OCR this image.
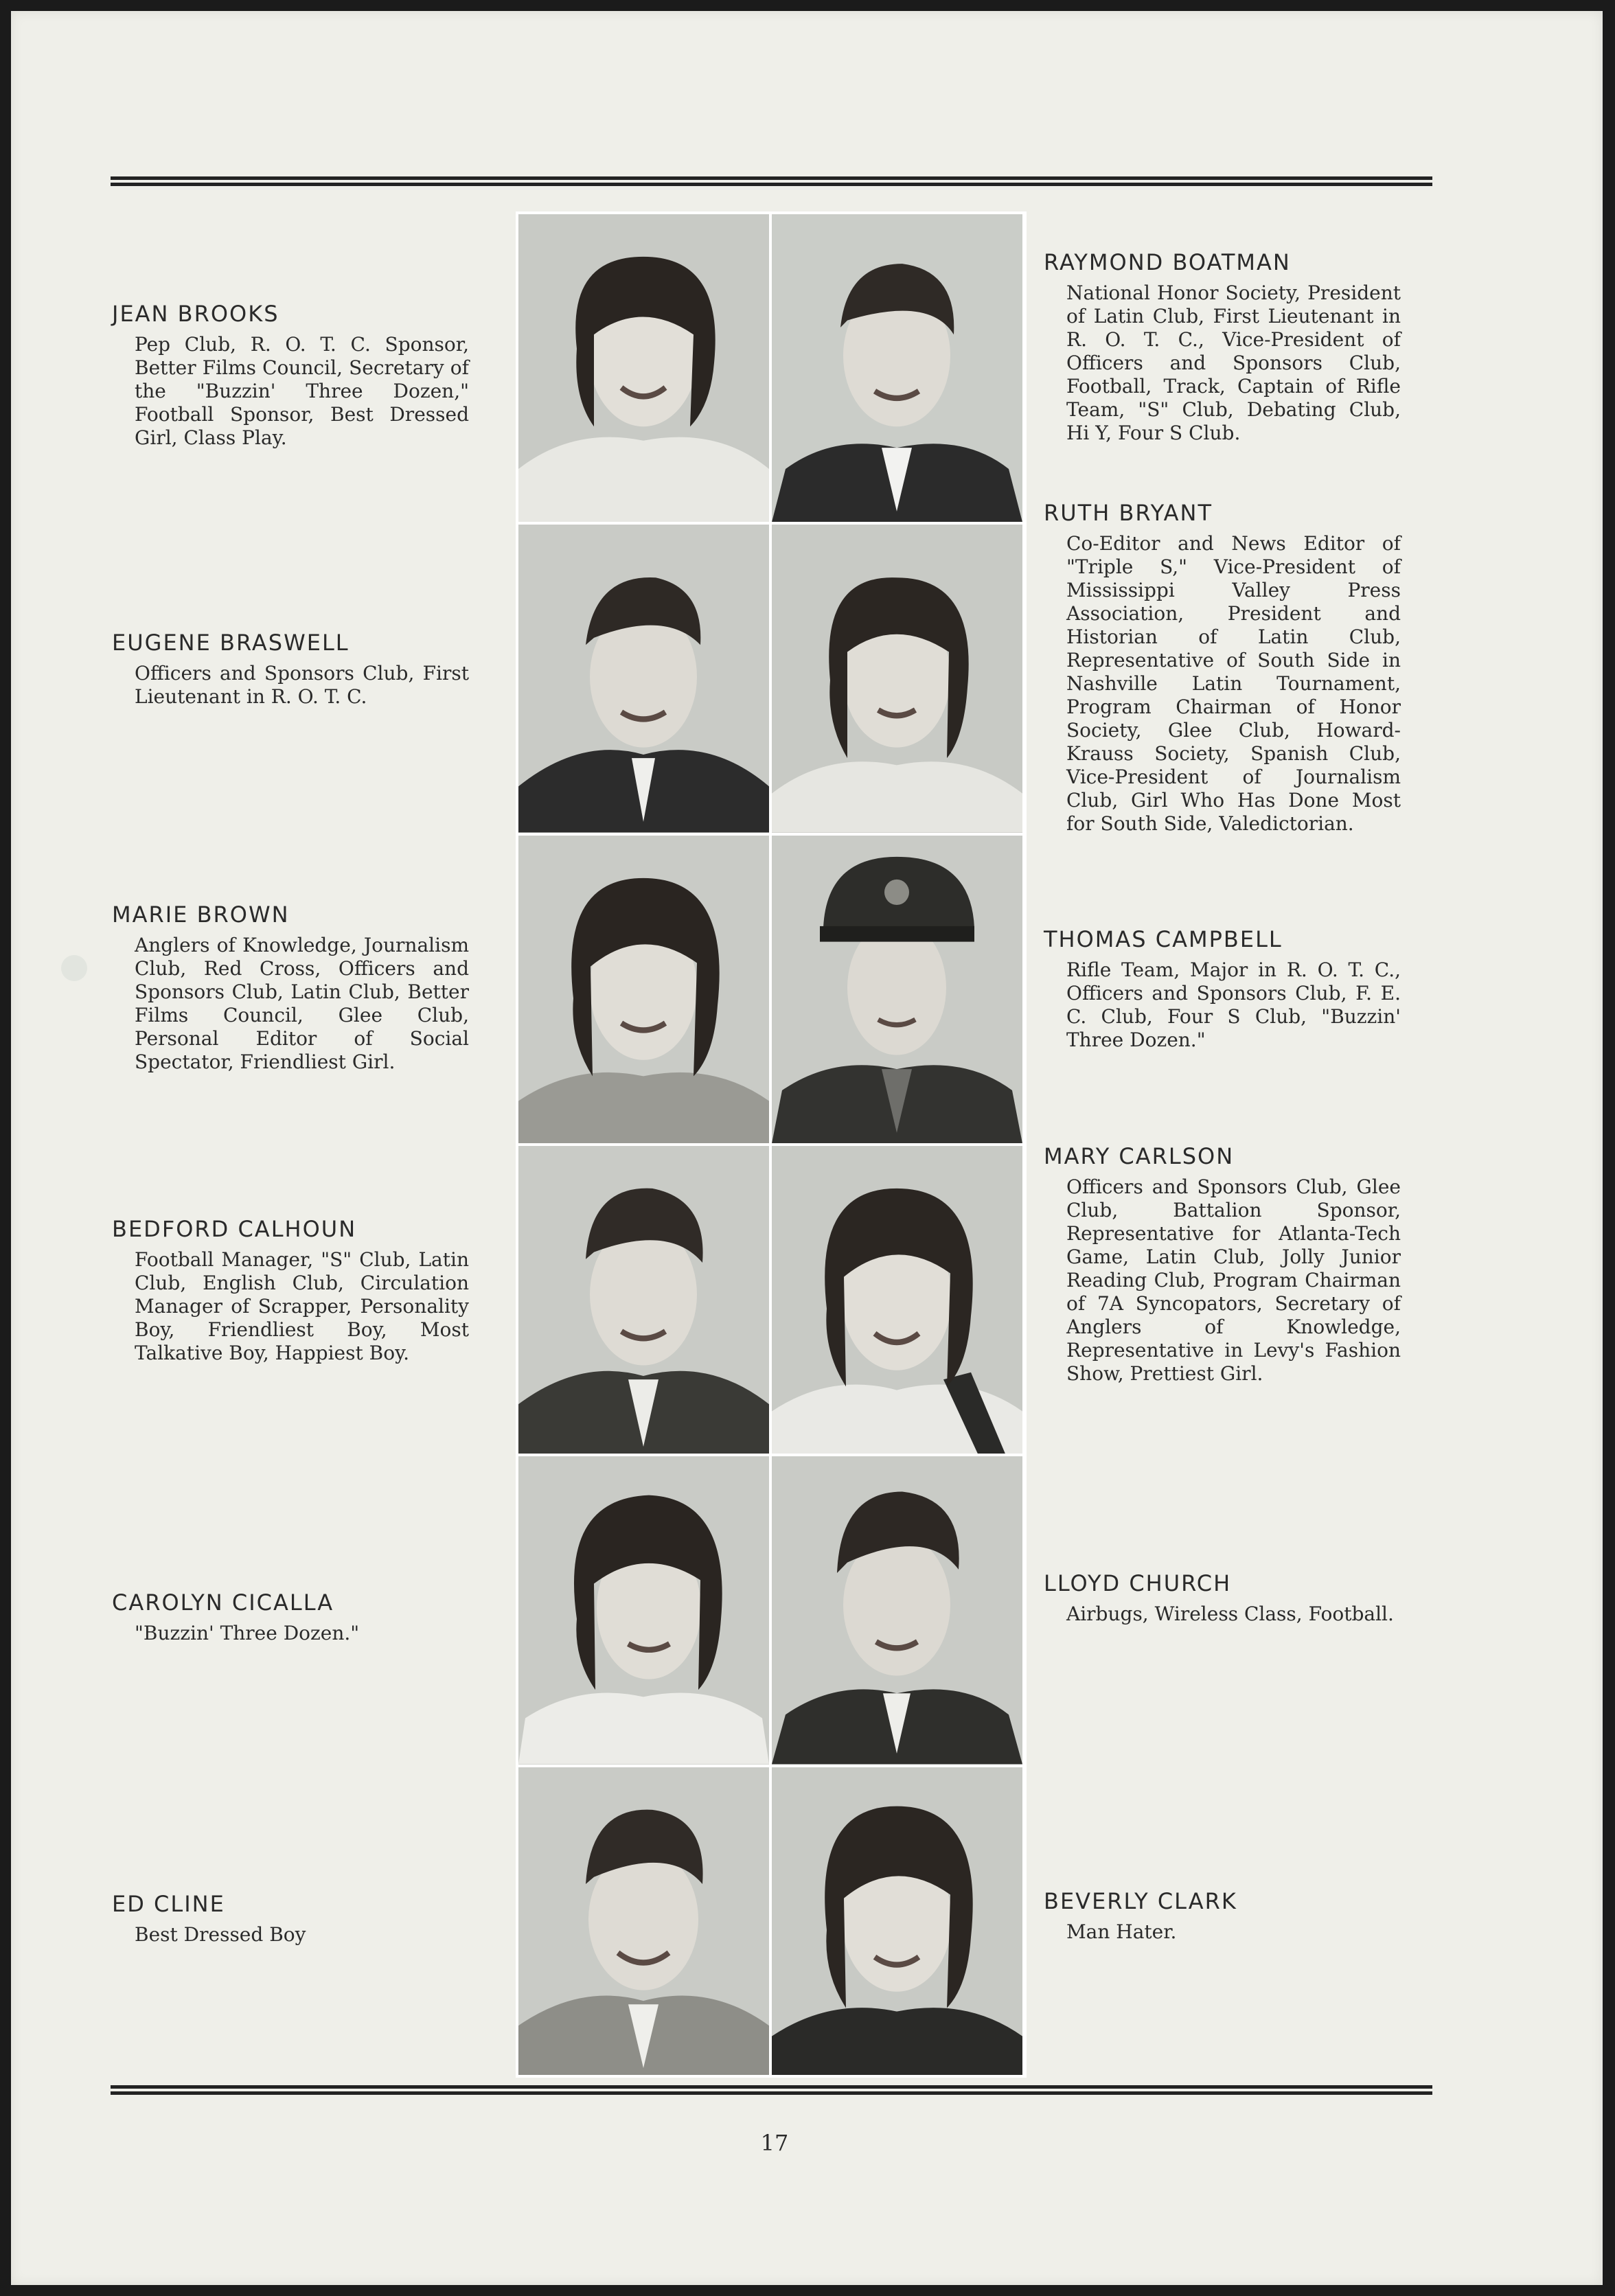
JEAN BROOKS
Pep Club, R. O. T. C. Sponsor, Better Films Council, Secretary of the "Buzzin' Three Dozen," Football Sponsor, Best Dressed Girl, Class Play.
EUGENE BRASWELL
Officers and Sponsors Club, First Lieutenant in R. O. T. C.
MARIE BROWN
Anglers of Knowledge, Journalism Club, Red Cross, Officers and Sponsors Club, Latin Club, Better Films Council, Glee Club, Personal Editor of Social Spectator, Friendliest Girl.
BEDFORD CALHOUN
Football Manager, "S" Club, Latin Club, English Club, Circulation Manager of Scrapper, Personality Boy, Friendliest Boy, Most Talkative Boy, Happiest Boy.
CAROLYN CICALLA
"Buzzin' Three Dozen."
ED CLINE
Best Dressed Boy
RAYMOND BOATMAN
National Honor Society, President of Latin Club, First Lieutenant in R. O. T. C., Vice-President of Officers and Sponsors Club, Football, Track, Captain of Rifle Team, "S" Club, Debating Club, Hi Y, Four S Club.
RUTH BRYANT
Co-Editor and News Editor of "Triple S," Vice-President of Mississippi Valley Press Association, President and Historian of Latin Club, Representative of South Side in Nashville Latin Tournament, Program Chairman of Honor Society, Glee Club, Howard-Krauss Society, Spanish Club, Vice-President of Journalism Club, Girl Who Has Done Most for South Side, Valedictorian.
THOMAS CAMPBELL
Rifle Team, Major in R. O. T. C., Officers and Sponsors Club, F. E. C. Club, Four S Club, "Buzzin' Three Dozen."
MARY CARLSON
Officers and Sponsors Club, Glee Club, Battalion Sponsor, Representative for Atlanta-Tech Game, Latin Club, Jolly Junior Reading Club, Program Chairman of 7A Syncopators, Secretary of Anglers of Knowledge, Representative in Levy's Fashion Show, Prettiest Girl.
LLOYD CHURCH
Airbugs, Wireless Class, Football.
BEVERLY CLARK
Man Hater.
17
